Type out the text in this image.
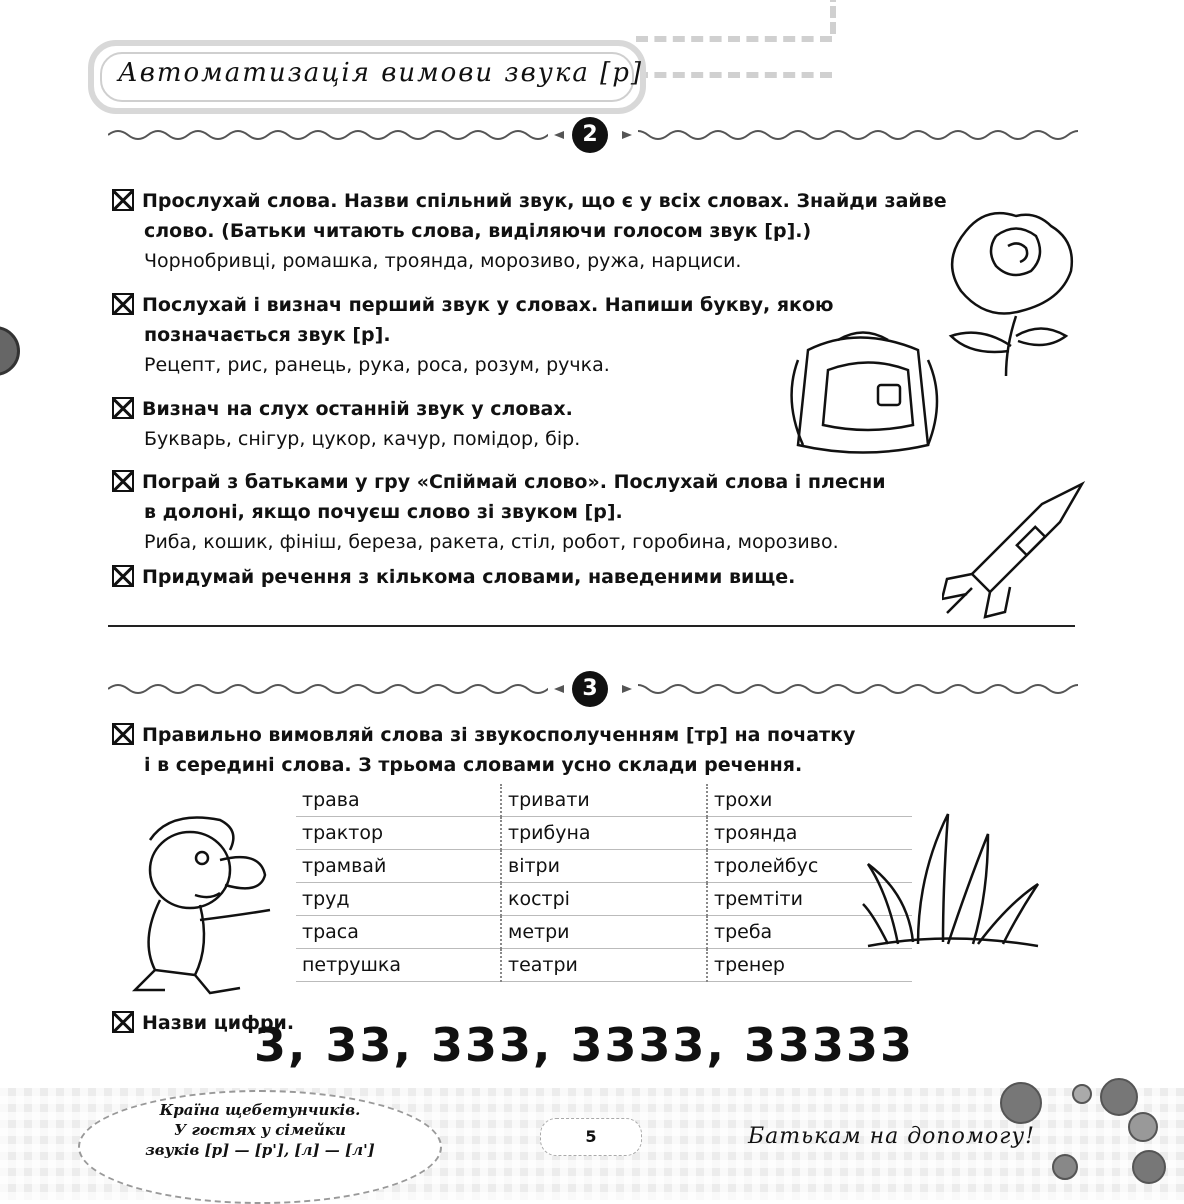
Автоматизація вимови звука [р]
2
Прослухай слова. Назви спільний звук, що є у всіх словах. Знайди зайве
слово. (Батьки читають слова, виділяючи голосом звук [р].)
Чорнобривці, ромашка, троянда, морозиво, ружа, нарциси.
Послухай і визнач перший звук у словах. Напиши букву, якою
позначається звук [р].
Рецепт, рис, ранець, рука, роса, розум, ручка.
Визнач на слух останній звук у словах.
Букварь, снігур, цукор, качур, помідор, бір.
Пограй з батьками у гру «Спіймай слово». Послухай слова і плесни
в долоні, якщо почуєш слово зі звуком [р].
Риба, кошик, фініш, береза, ракета, стіл, робот, горобина, морозиво.
Придумай речення з кількома словами, наведеними вище.
3
Правильно вимовляй слова зі звукосполученням [тр] на початку
і в середині слова. З трьома словами усно склади речення.
трава	тривати	трохи
трактор	трибуна	троянда
трамвай	вітри	тролейбус
труд	кострі	тремтіти
траса	метри	треба
петрушка	театри	тренер
Назви цифри.
3, 33, 333, 3333, 33333
Країна щебетунчиків.
У гостях у сімейки
звуків [р] — [р'], [л] — [л']
5	Батькам на допомогу!
